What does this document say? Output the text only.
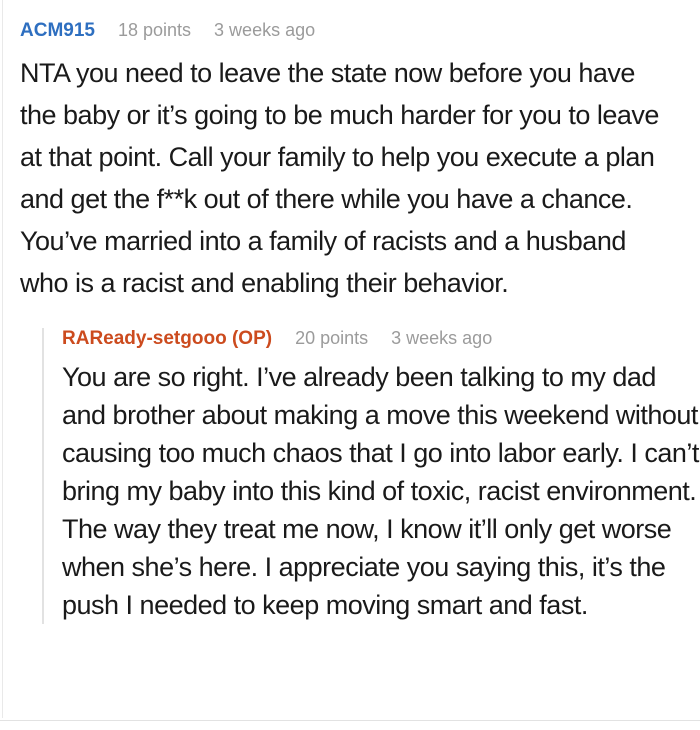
ACM915 18 points 3 weeks ago

NTA you need to leave the state now before you have the baby or it’s going to be much harder for you to leave at that point. Call your family to help you execute a plan and get the f**k out of there while you have a chance. You’ve married into a family of racists and a husband who is a racist and enabling their behavior.

RAReady-setgooo (OP) 20 points 3 weeks ago

You are so right. I’ve already been talking to my dad and brother about making a move this weekend without causing too much chaos that I go into labor early. I can’t bring my baby into this kind of toxic, racist environment. The way they treat me now, I know it’ll only get worse when she’s here. I appreciate you saying this, it’s the push I needed to keep moving smart and fast.
